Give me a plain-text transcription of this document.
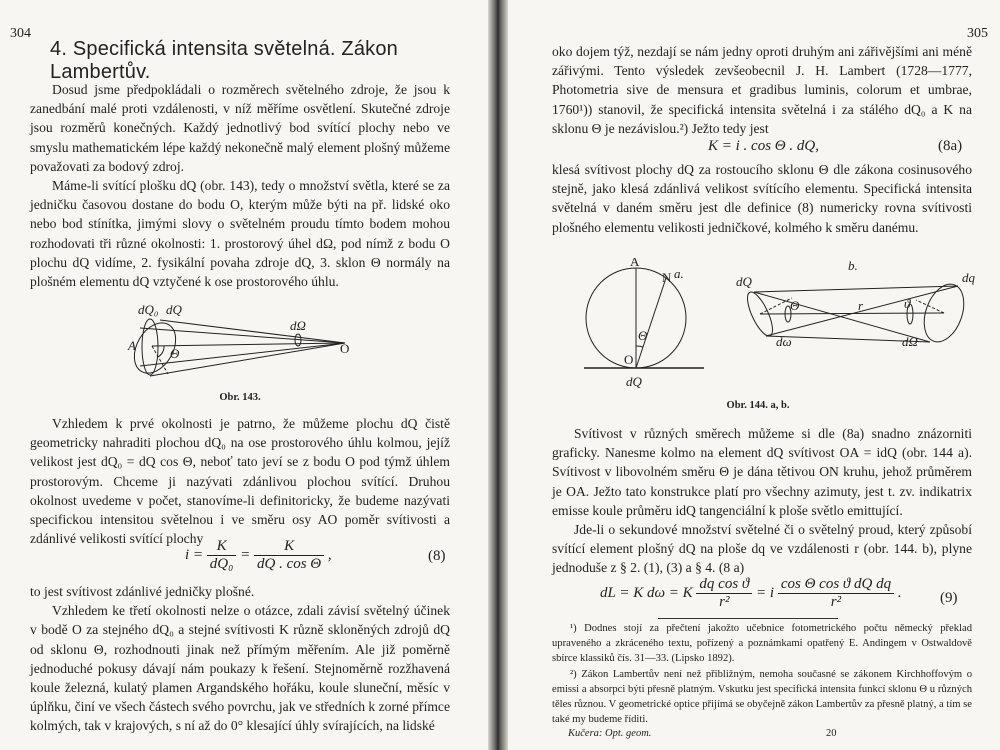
304
4. Specifická intensita světelná. Zákon Lambertův.

Dosud jsme předpokládali o rozměrech světelného zdroje, že jsou k zanedbání malé proti vzdálenosti, v níž měříme osvětlení. Skutečné zdroje jsou rozměrů konečných. Každý jednotlivý bod svítící plochy nebo ve smyslu mathematickém lépe každý nekonečně malý element plošný můžeme považovati za bodový zdroj.

Máme-li svítící plošku dQ (obr. 143), tedy o množství světla, které se za jedničku časovou dostane do bodu O, kterým může býti na př. lidské oko nebo bod stínítka, jimými slovy o světelném proudu tímto bodem mohou rozhodovati tři různé okolnosti: 1. prostorový úhel dΩ, pod nímž z bodu O plochu dQ vidíme, 2. fysikální povaha zdroje dQ, 3. sklon Θ normály na plošném elementu dQ vztyčené k ose prostorového úhlu.

dQ₀ dQ
dΩ
A	O
Θ
Obr. 143.

Vzhledem k prvé okolnosti je patrno, že můžeme plochu dQ čistě geometricky nahraditi plochou dQ₀ na ose prostorového úhlu kolmou, jejíž velikost jest dQ₀ = dQ cos Θ, neboť tato jeví se z bodu O pod týmž úhlem prostorovým. Chceme ji nazývati zdánlivou plochou svítící. Druhou okolnost uvedeme v počet, stanovíme-li definitoricky, že budeme nazývati specifickou intensitou světelnou i ve směru osy AO poměr svítivosti a zdánlivé velikosti svítící plochy

$i = \frac{K}{\text{dQ₀}} = \frac{K}{\text{dQ . cos Θ}}$ ,	(8)

to jest svítivost zdánlivé jedničky plošné.

Vzhledem ke třetí okolnosti nelze o otázce, zdali závisí světelný účinek v bodě O za stejného dQ₀ a stejné svítivosti K různě skloněných zdrojů dQ od sklonu Θ, rozhodnouti jinak než přímým měřením. Ale již poměrně jednoduché pokusy dávají nám poukazy k řešení. Stejnoměrně rozžhavená koule železná, kulatý plamen Argandského hořáku, koule sluneční, měsíc v úplňku, činí ve všech částech svého povrchu, jak ve středních k zorné přímce kolmých, tak v krajových, s ní až do 0° klesající úhly svírajících, na lidské

305

oko dojem týž, nezdají se nám jedny oproti druhým ani zářivějšími ani méně zářivými. Tento výsledek zevšeobecnil J. H. Lambert (1728—1777, Photometria sive de mensura et gradibus luminis, colorum et umbrae, 1760¹)) stanovil, že specifická intensita světelná i za stálého dQ₀ a K na sklonu Θ je nezávislou.²) Ježto tedy jest

K = i . cos Θ . dQ,	(8a)

klesá svítivost plochy dQ za rostoucího sklonu Θ dle zákona cosinusového stejně, jako klesá zdánlivá velikost svítícího elementu. Specifická intensita světelná v daném směru jest dle definice (8) numericky rovna svítivosti plošného elementu velikosti jedničkové, kolmého k směru danému.

A
N a.
Θ
O
dQ
b.
dQ	dq
Θ	ϑ
r
dω	dΩ
Obr. 144. a, b.

Svítivost v různých směrech můžeme si dle (8a) snadno znázorniti graficky. Nanesme kolmo na element dQ svítivost OA = idQ (obr. 144 a). Svítivost v libovolném směru Θ je dána tětivou ON kruhu, jehož průměrem je OA. Ježto tato konstrukce platí pro všechny azimuty, jest t. zv. indikatrix emisse koule průměru idQ tangenciální k ploše světlo emittující.

Jde-li o sekundové množství světelné či o světelný proud, který způsobí svítící element plošný dQ na ploše dq ve vzdálenosti r (obr. 144. b), plyne jednoduše z § 2. (1), (3) a § 4. (8 a)

dL = K dω = K $\frac{\text{dq cos ϑ}}{\text{r²}} = i \frac{\text{cos Θ cos ϑ dQ dq}}{\text{r²}}$ .	(9)

¹) Dodnes stojí za přečtení jakožto učebnice fotometrického počtu německý překlad upraveného a zkráceného textu, pořízený a poznámkami opatřený E. Andingem v Ostwaldově sbírce klassiků čís. 31—33. (Lipsko 1892).

²) Zákon Lambertův není než přibližným, nemoha současné se zákonem Kirchhoffovým o emissi a absorpci býti přesně platným. Vskutku jest specifická intensita funkcí sklonu Θ u různých těles různou. V geometrické optice přijímá se obyčejně zákon Lambertův za přesně platný, a tím se také my budeme říditi.

Kučera: Opt. geom.	20
